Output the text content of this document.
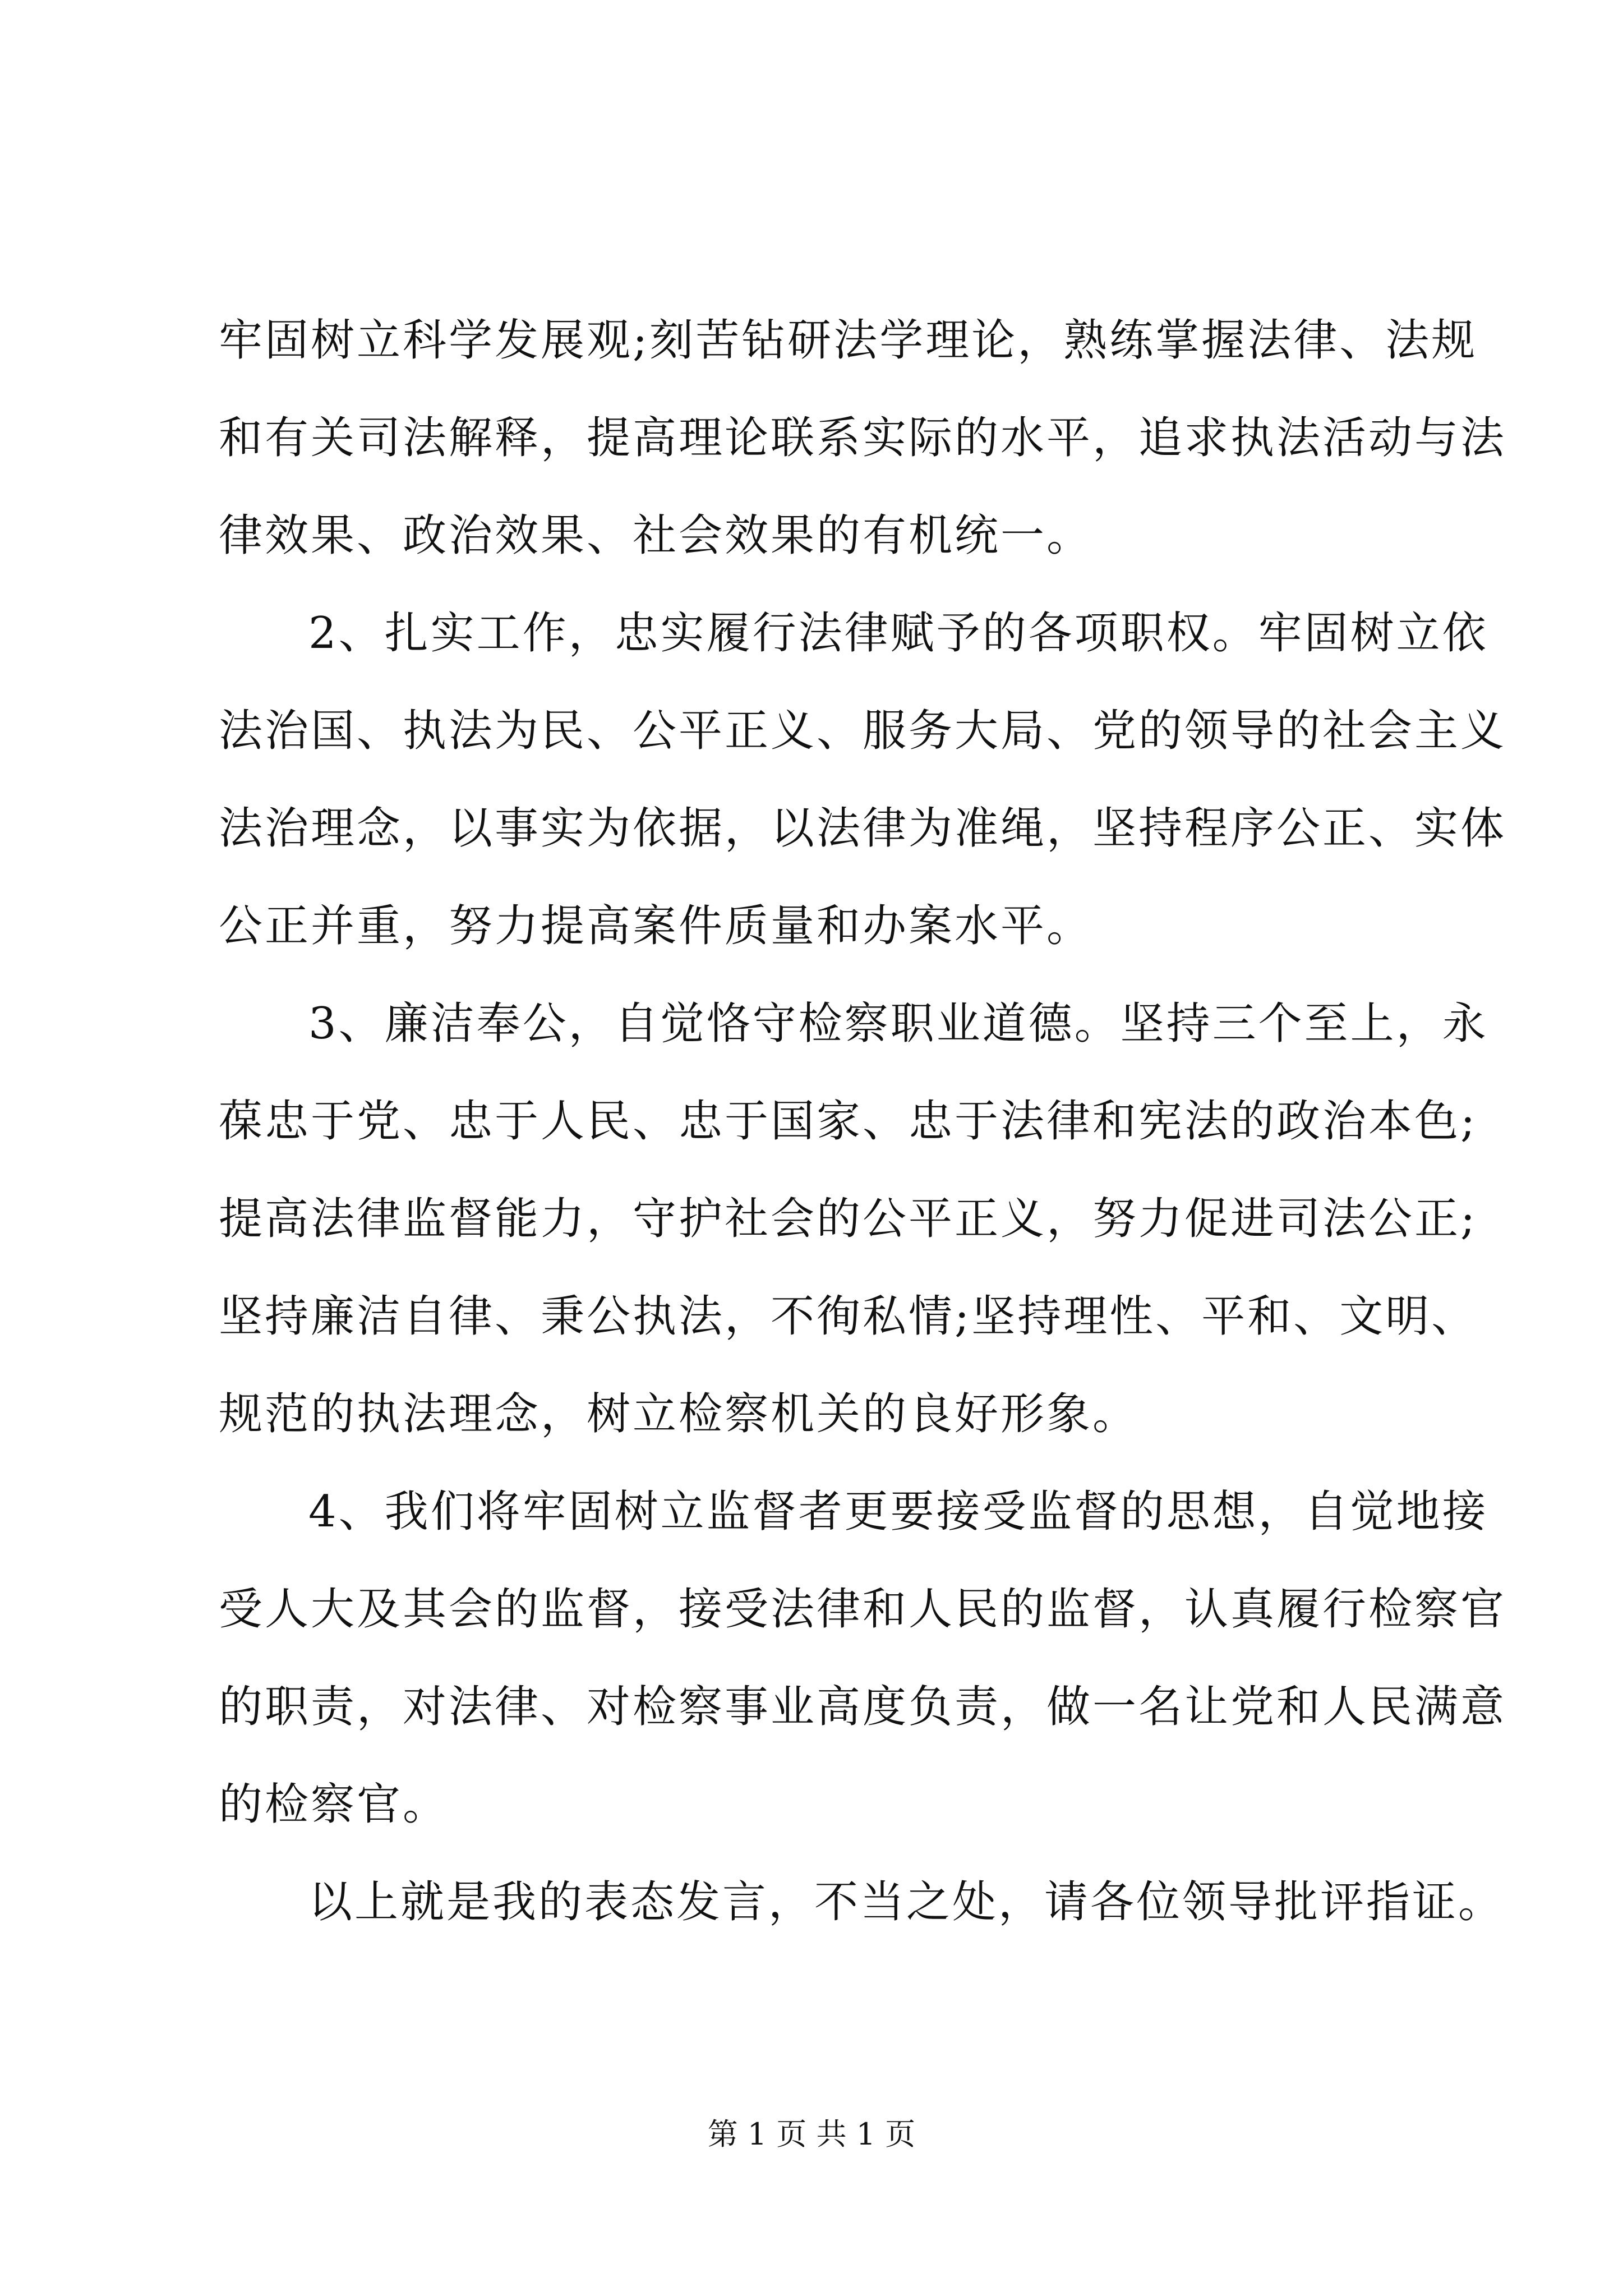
牢固树立科学发展观;刻苦钻研法学理论，熟练掌握法律、法规
和有关司法解释，提高理论联系实际的水平，追求执法活动与法
律效果、政治效果、社会效果的有机统一。
2、扎实工作，忠实履行法律赋予的各项职权。牢固树立依
法治国、执法为民、公平正义、服务大局、党的领导的社会主义
法治理念，以事实为依据，以法律为准绳，坚持程序公正、实体
公正并重，努力提高案件质量和办案水平。
3、廉洁奉公，自觉恪守检察职业道德。坚持三个至上，永
葆忠于党、忠于人民、忠于国家、忠于法律和宪法的政治本色;
提高法律监督能力，守护社会的公平正义，努力促进司法公正;
坚持廉洁自律、秉公执法，不徇私情;坚持理性、平和、文明、
规范的执法理念，树立检察机关的良好形象。
4、我们将牢固树立监督者更要接受监督的思想，自觉地接
受人大及其会的监督，接受法律和人民的监督，认真履行检察官
的职责，对法律、对检察事业高度负责，做一名让党和人民满意
的检察官。
以上就是我的表态发言，不当之处，请各位领导批评指证。
第 1 页 共 1 页
